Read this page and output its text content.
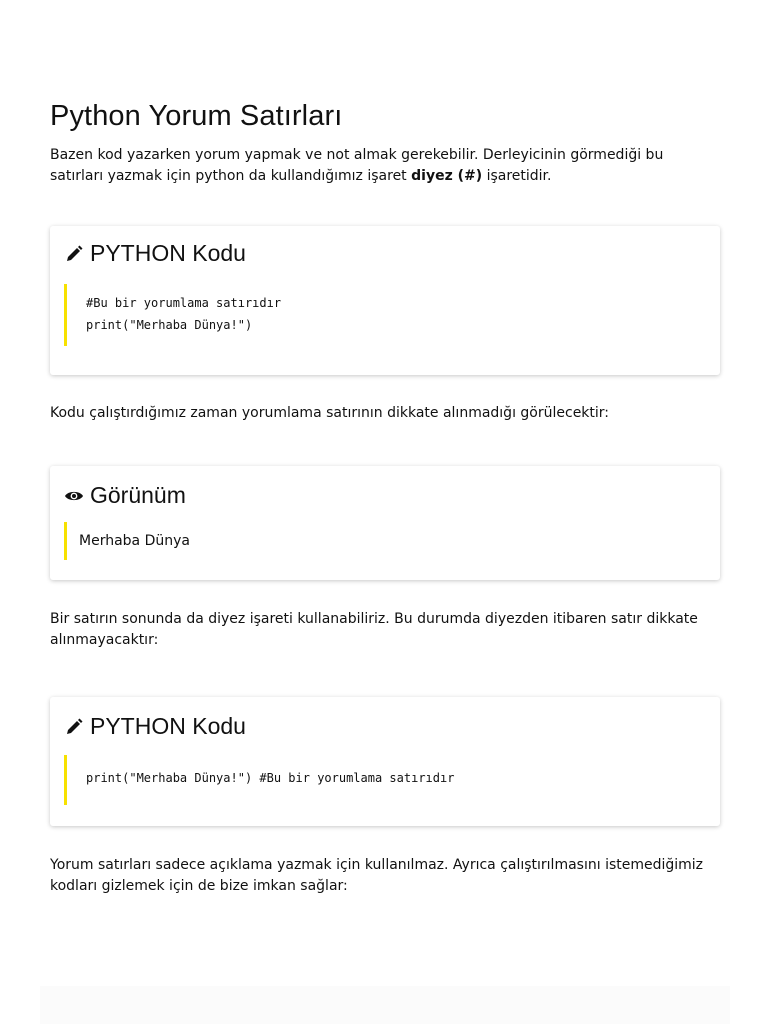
Python Yorum Satırları

Bazen kod yazarken yorum yapmak ve not almak gerekebilir. Derleyicinin görmediği bu satırları yazmak için python da kullandığımız işaret diyez (#) işaretidir.

PYTHON Kodu
#Bu bir yorumlama satırıdır
print("Merhaba Dünya!")

Kodu çalıştırdığımız zaman yorumlama satırının dikkate alınmadığı görülecektir:

Görünüm
Merhaba Dünya

Bir satırın sonunda da diyez işareti kullanabiliriz. Bu durumda diyezden itibaren satır dikkate alınmayacaktır:

PYTHON Kodu
print("Merhaba Dünya!") #Bu bir yorumlama satırıdır

Yorum satırları sadece açıklama yazmak için kullanılmaz. Ayrıca çalıştırılmasını istemediğimiz kodları gizlemek için de bize imkan sağlar:
